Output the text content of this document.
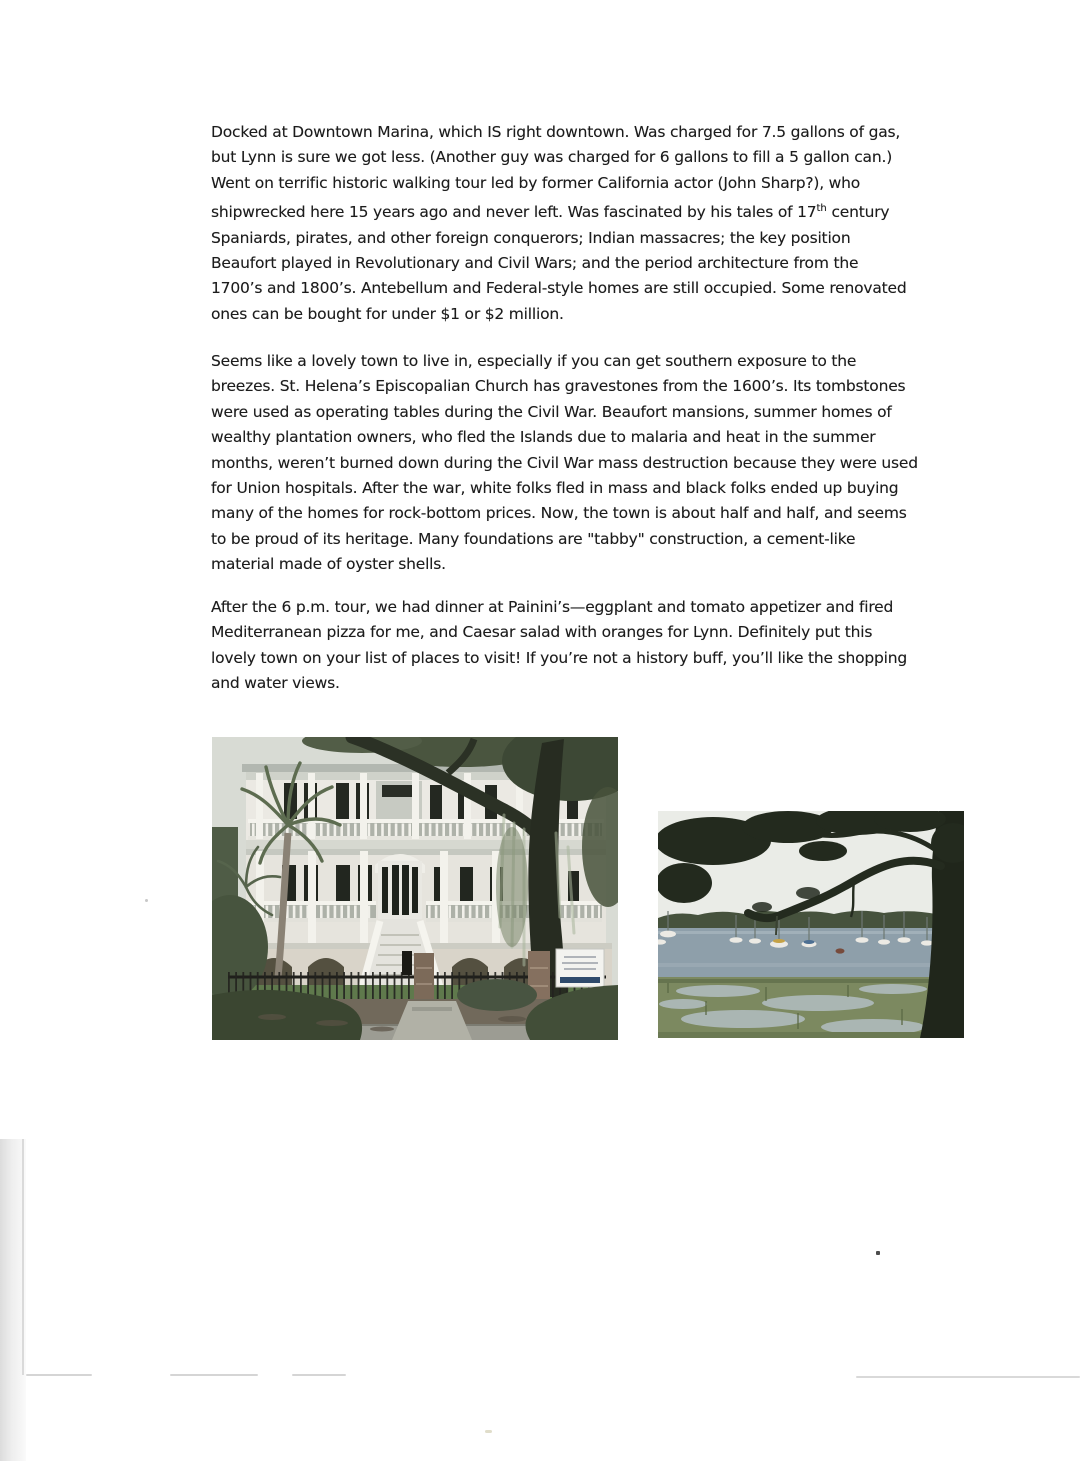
Docked at Downtown Marina, which IS right downtown. Was charged for 7.5 gallons of gas,
but Lynn is sure we got less. (Another guy was charged for 6 gallons to fill a 5 gallon can.)
Went on terrific historic walking tour led by former California actor (John Sharp?), who
shipwrecked here 15 years ago and never left. Was fascinated by his tales of 17th century
Spaniards, pirates, and other foreign conquerors; Indian massacres; the key position
Beaufort played in Revolutionary and Civil Wars; and the period architecture from the
1700’s and 1800’s. Antebellum and Federal-style homes are still occupied. Some renovated
ones can be bought for under $1 or $2 million.
Seems like a lovely town to live in, especially if you can get southern exposure to the
breezes. St. Helena’s Episcopalian Church has gravestones from the 1600’s. Its tombstones
were used as operating tables during the Civil War. Beaufort mansions, summer homes of
wealthy plantation owners, who fled the Islands due to malaria and heat in the summer
months, weren’t burned down during the Civil War mass destruction because they were used
for Union hospitals. After the war, white folks fled in mass and black folks ended up buying
many of the homes for rock-bottom prices. Now, the town is about half and half, and seems
to be proud of its heritage. Many foundations are "tabby" construction, a cement-like
material made of oyster shells.
After the 6 p.m. tour, we had dinner at Painini’s—eggplant and tomato appetizer and fired
Mediterranean pizza for me, and Caesar salad with oranges for Lynn. Definitely put this
lovely town on your list of places to visit! If you’re not a history buff, you’ll like the shopping
and water views.
